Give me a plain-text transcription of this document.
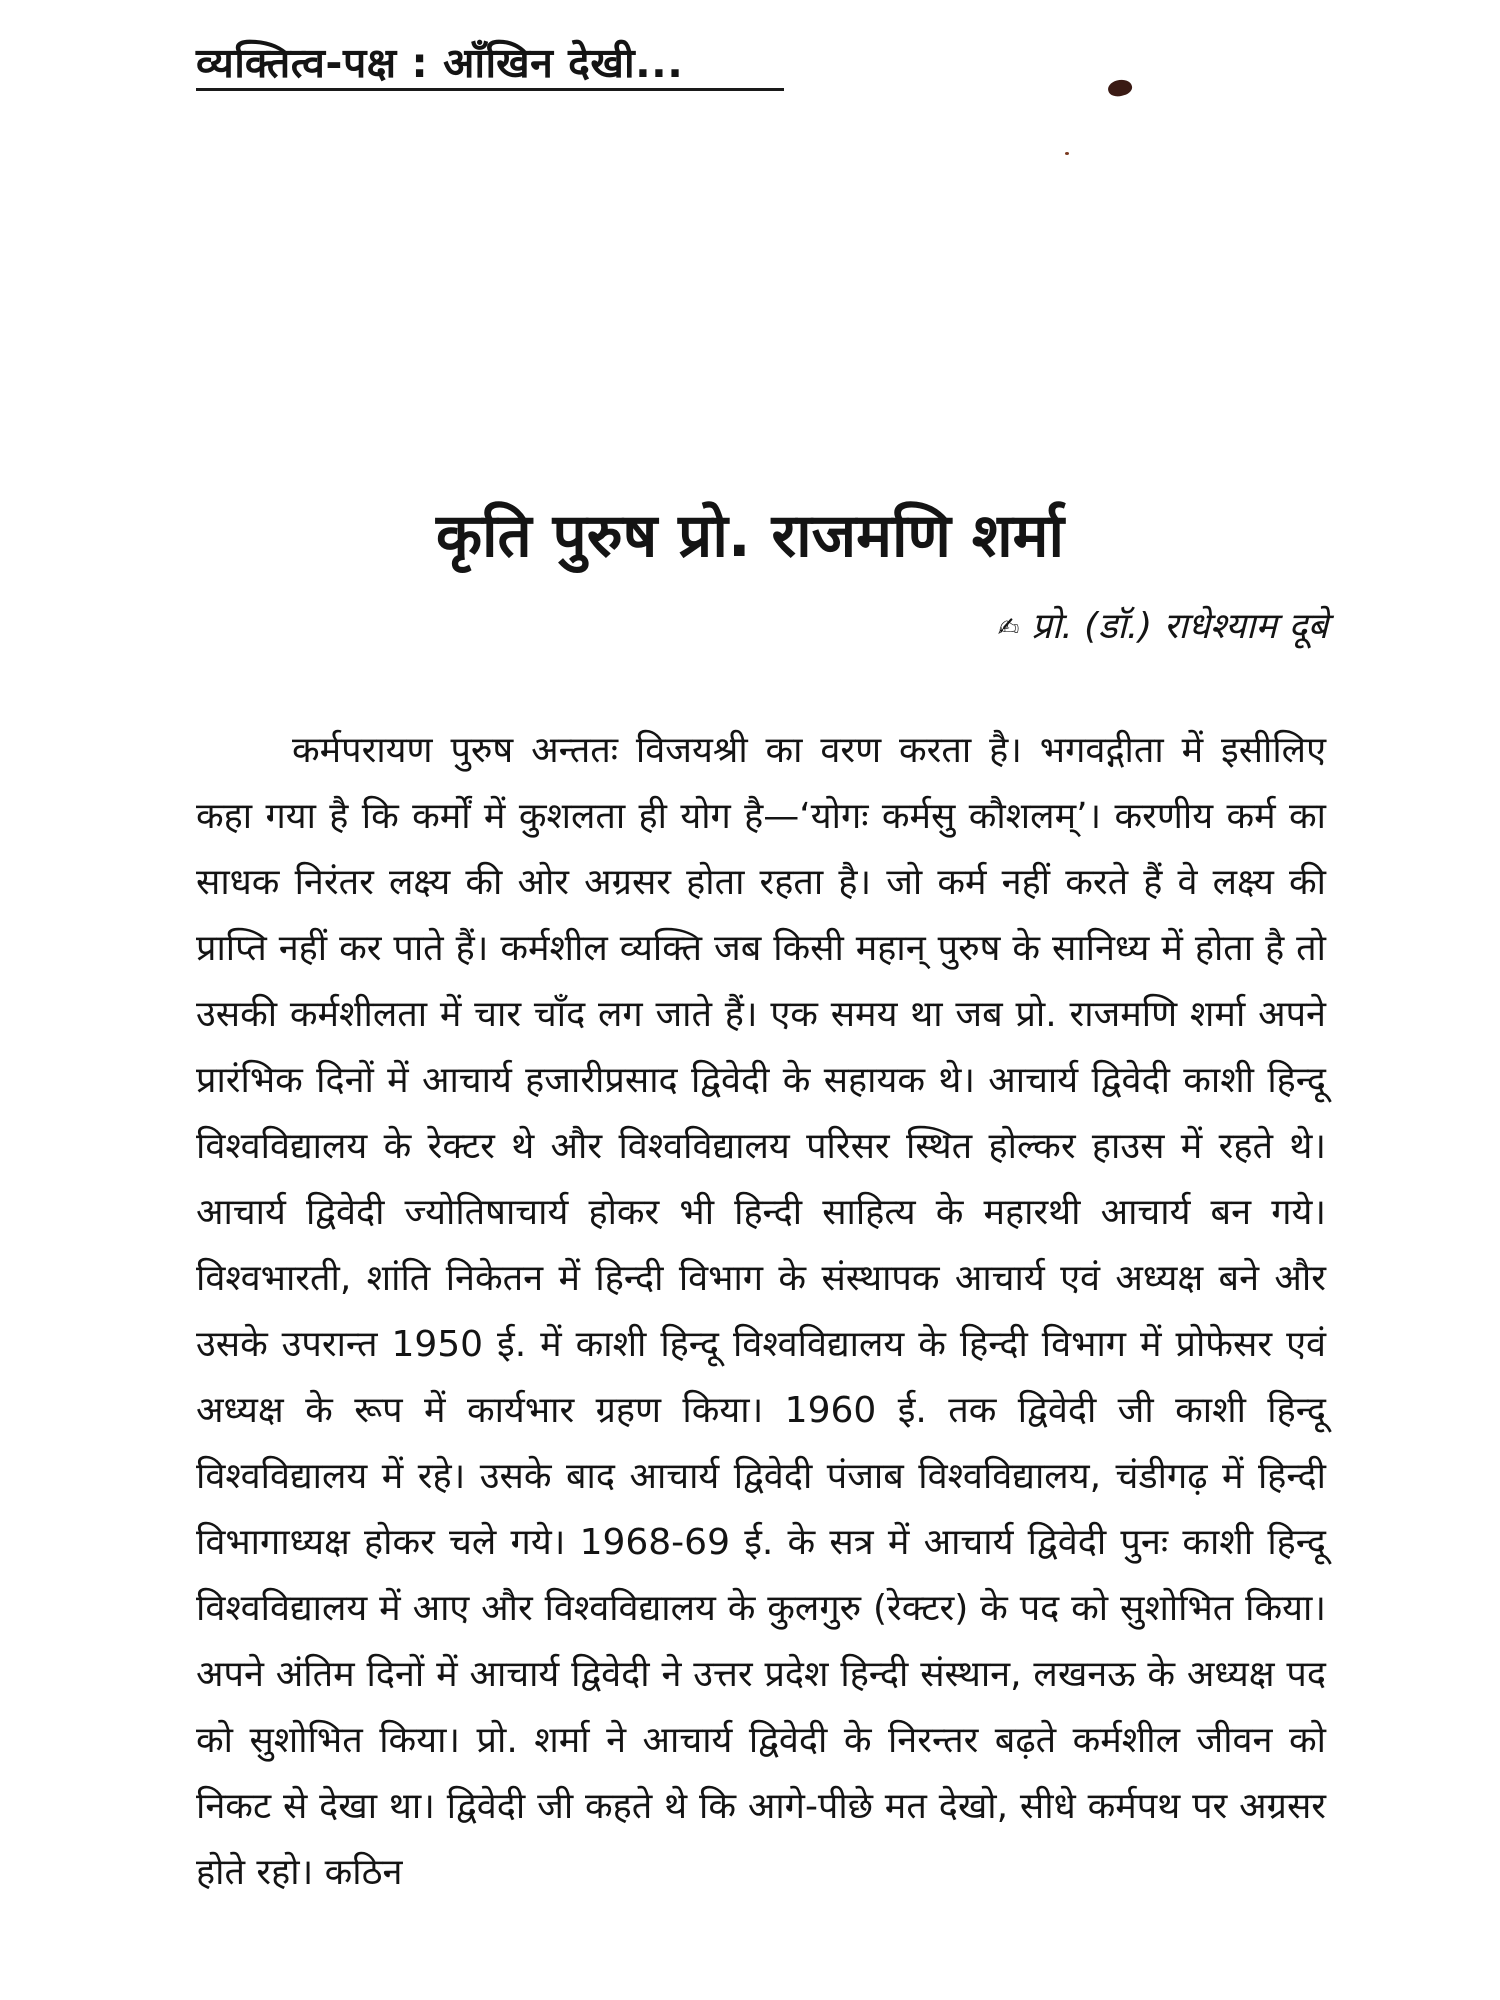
व्यक्तित्व-पक्ष : आँखिन देखी...
कृति पुरुष प्रो. राजमणि शर्मा
✍ प्रो. (डॉ.) राधेश्याम दूबे

कर्मपरायण पुरुष अन्ततः विजयश्री का वरण करता है। भगवद्गीता में इसीलिए कहा गया है कि कर्मों में कुशलता ही योग है—‘योगः कर्मसु कौशलम्’। करणीय कर्म का साधक निरंतर लक्ष्य की ओर अग्रसर होता रहता है। जो कर्म नहीं करते हैं वे लक्ष्य की प्राप्ति नहीं कर पाते हैं। कर्मशील व्यक्ति जब किसी महान् पुरुष के सानिध्य में होता है तो उसकी कर्मशीलता में चार चाँद लग जाते हैं। एक समय था जब प्रो. राजमणि शर्मा अपने प्रारंभिक दिनों में आचार्य हजारीप्रसाद द्विवेदी के सहायक थे। आचार्य द्विवेदी काशी हिन्दू विश्वविद्यालय के रेक्टर थे और विश्वविद्यालय परिसर स्थित होल्कर हाउस में रहते थे। आचार्य द्विवेदी ज्योतिषाचार्य होकर भी हिन्दी साहित्य के महारथी आचार्य बन गये। विश्वभारती, शांति निकेतन में हिन्दी विभाग के संस्थापक आचार्य एवं अध्यक्ष बने और उसके उपरान्त 1950 ई. में काशी हिन्दू विश्वविद्यालय के हिन्दी विभाग में प्रोफेसर एवं अध्यक्ष के रूप में कार्यभार ग्रहण किया। 1960 ई. तक द्विवेदी जी काशी हिन्दू विश्वविद्यालय में रहे। उसके बाद आचार्य द्विवेदी पंजाब विश्वविद्यालय, चंडीगढ़ में हिन्दी विभागाध्यक्ष होकर चले गये। 1968-69 ई. के सत्र में आचार्य द्विवेदी पुनः काशी हिन्दू विश्वविद्यालय में आए और विश्वविद्यालय के कुलगुरु (रेक्टर) के पद को सुशोभित किया। अपने अंतिम दिनों में आचार्य द्विवेदी ने उत्तर प्रदेश हिन्दी संस्थान, लखनऊ के अध्यक्ष पद को सुशोभित किया। प्रो. शर्मा ने आचार्य द्विवेदी के निरन्तर बढ़ते कर्मशील जीवन को निकट से देखा था। द्विवेदी जी कहते थे कि आगे-पीछे मत देखो, सीधे कर्मपथ पर अग्रसर होते रहो। कठिन
